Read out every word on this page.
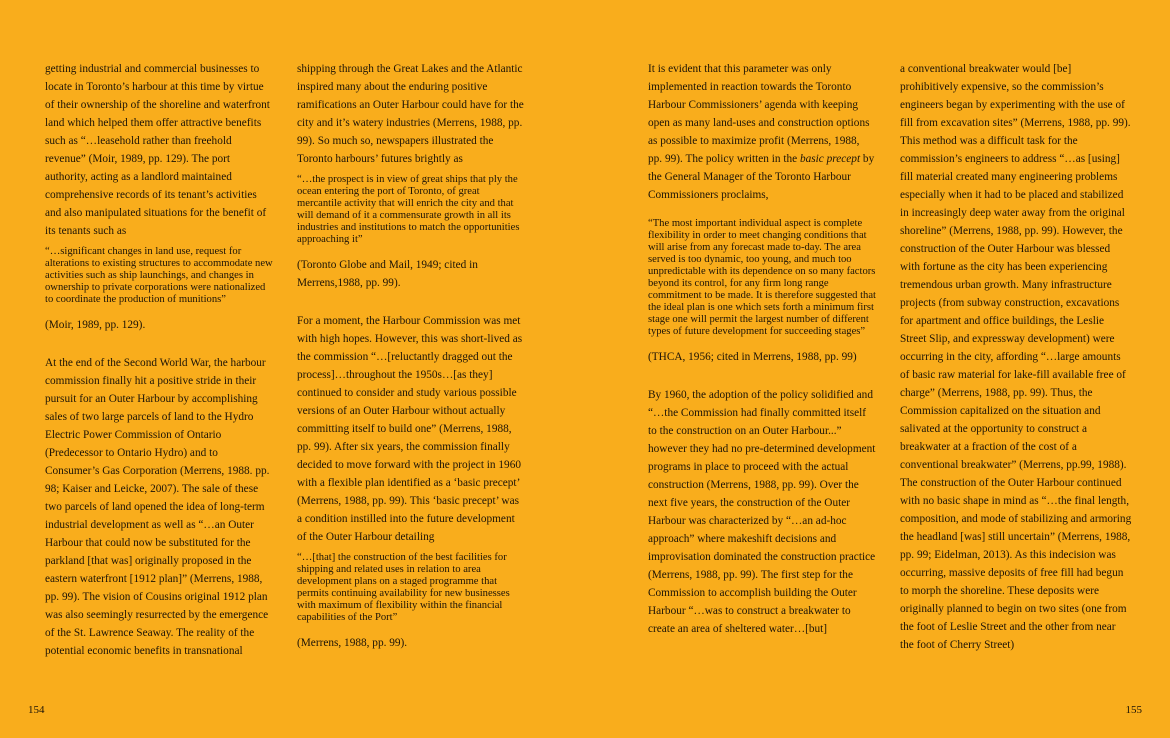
getting industrial and commercial businesses to locate in Toronto’s harbour at this time by virtue of their ownership of the shoreline and waterfront land which helped them offer attractive benefits such as “…leasehold rather than freehold revenue” (Moir, 1989, pp. 129). The port authority, acting as a landlord maintained comprehensive records of its tenant’s activities and also manipulated situations for the benefit of its tenants such as

“…significant changes in land use, request for alterations to existing structures to accommodate new activities such as ship launchings, and changes in ownership to private corporations were nationalized to coordinate the production of munitions”

(Moir, 1989, pp. 129).

At the end of the Second World War, the harbour commission finally hit a positive stride in their pursuit for an Outer Harbour by accomplishing sales of two large parcels of land to the Hydro Electric Power Commission of Ontario (Predecessor to Ontario Hydro) and to Consumer’s Gas Corporation (Merrens, 1988. pp. 98; Kaiser and Leicke, 2007). The sale of these two parcels of land opened the idea of long-term industrial development as well as “…an Outer Harbour that could now be substituted for the parkland [that was] originally proposed in the eastern waterfront [1912 plan]” (Merrens, 1988, pp. 99). The vision of Cousins original 1912 plan was also seemingly resurrected by the emergence of the St. Lawrence Seaway. The reality of the potential economic benefits in transnational

shipping through the Great Lakes and the Atlantic inspired many about the enduring positive ramifications an Outer Harbour could have for the city and it’s watery industries (Merrens, 1988, pp. 99). So much so, newspapers illustrated the Toronto harbours’ futures brightly as

“…the prospect is in view of great ships that ply the ocean entering the port of Toronto, of great mercantile activity that will enrich the city and that will demand of it a commensurate growth in all its industries and institutions to match the opportunities approaching it”

(Toronto Globe and Mail, 1949; cited in Merrens,1988, pp. 99).

For a moment, the Harbour Commission was met with high hopes. However, this was short-lived as the commission “…[reluctantly dragged out the process]…throughout the 1950s…[as they] continued to consider and study various possible versions of an Outer Harbour without actually committing itself to build one” (Merrens, 1988, pp. 99). After six years, the commission finally decided to move forward with the project in 1960 with a flexible plan identified as a ‘basic precept’ (Merrens, 1988, pp. 99). This ‘basic precept’ was a condition instilled into the future development of the Outer Harbour detailing

“…[that] the construction of the best facilities for shipping and related uses in relation to area development plans on a staged programme that permits continuing availability for new businesses with maximum of flexibility within the financial capabilities of the Port”

(Merrens, 1988, pp. 99).

It is evident that this parameter was only implemented in reaction towards the Toronto Harbour Commissioners’ agenda with keeping open as many land-uses and construction options as possible to maximize profit (Merrens, 1988, pp. 99). The policy written in the basic precept by the General Manager of the Toronto Harbour Commissioners proclaims,

“The most important individual aspect is complete flexibility in order to meet changing conditions that will arise from any forecast made to-day. The area served is too dynamic, too young, and much too unpredictable with its dependence on so many factors beyond its control, for any firm long range commitment to be made. It is therefore suggested that the ideal plan is one which sets forth a minimum first stage one will permit the largest number of different types of future development for succeeding stages”

(THCA, 1956; cited in Merrens, 1988, pp. 99)

By 1960, the adoption of the policy solidified and “…the Commission had finally committed itself to the construction on an Outer Harbour...” however they had no pre-determined development programs in place to proceed with the actual construction (Merrens, 1988, pp. 99). Over the next five years, the construction of the Outer Harbour was characterized by “…an ad-hoc approach” where makeshift decisions and improvisation dominated the construction practice (Merrens, 1988, pp. 99). The first step for the Commission to accomplish building the Outer Harbour “…was to construct a breakwater to create an area of sheltered water…[but]

a conventional breakwater would [be] prohibitively expensive, so the commission’s engineers began by experimenting with the use of fill from excavation sites” (Merrens, 1988, pp. 99). This method was a difficult task for the commission’s engineers to address “…as [using] fill material created many engineering problems especially when it had to be placed and stabilized in increasingly deep water away from the original shoreline” (Merrens, 1988, pp. 99). However, the construction of the Outer Harbour was blessed with fortune as the city has been experiencing tremendous urban growth. Many infrastructure projects (from subway construction, excavations for apartment and office buildings, the Leslie Street Slip, and expressway development) were occurring in the city, affording “…large amounts of basic raw material for lake-fill available free of charge” (Merrens, 1988, pp. 99). Thus, the Commission capitalized on the situation and salivated at the opportunity to construct a breakwater at a fraction of the cost of a conventional breakwater” (Merrens, pp.99, 1988). The construction of the Outer Harbour continued with no basic shape in mind as “…the final length, composition, and mode of stabilizing and armoring the headland [was] still uncertain” (Merrens, 1988, pp. 99; Eidelman, 2013). As this indecision was occurring, massive deposits of free fill had begun to morph the shoreline. These deposits were originally planned to begin on two sites (one from the foot of Leslie Street and the other from near the foot of Cherry Street)

154	155
